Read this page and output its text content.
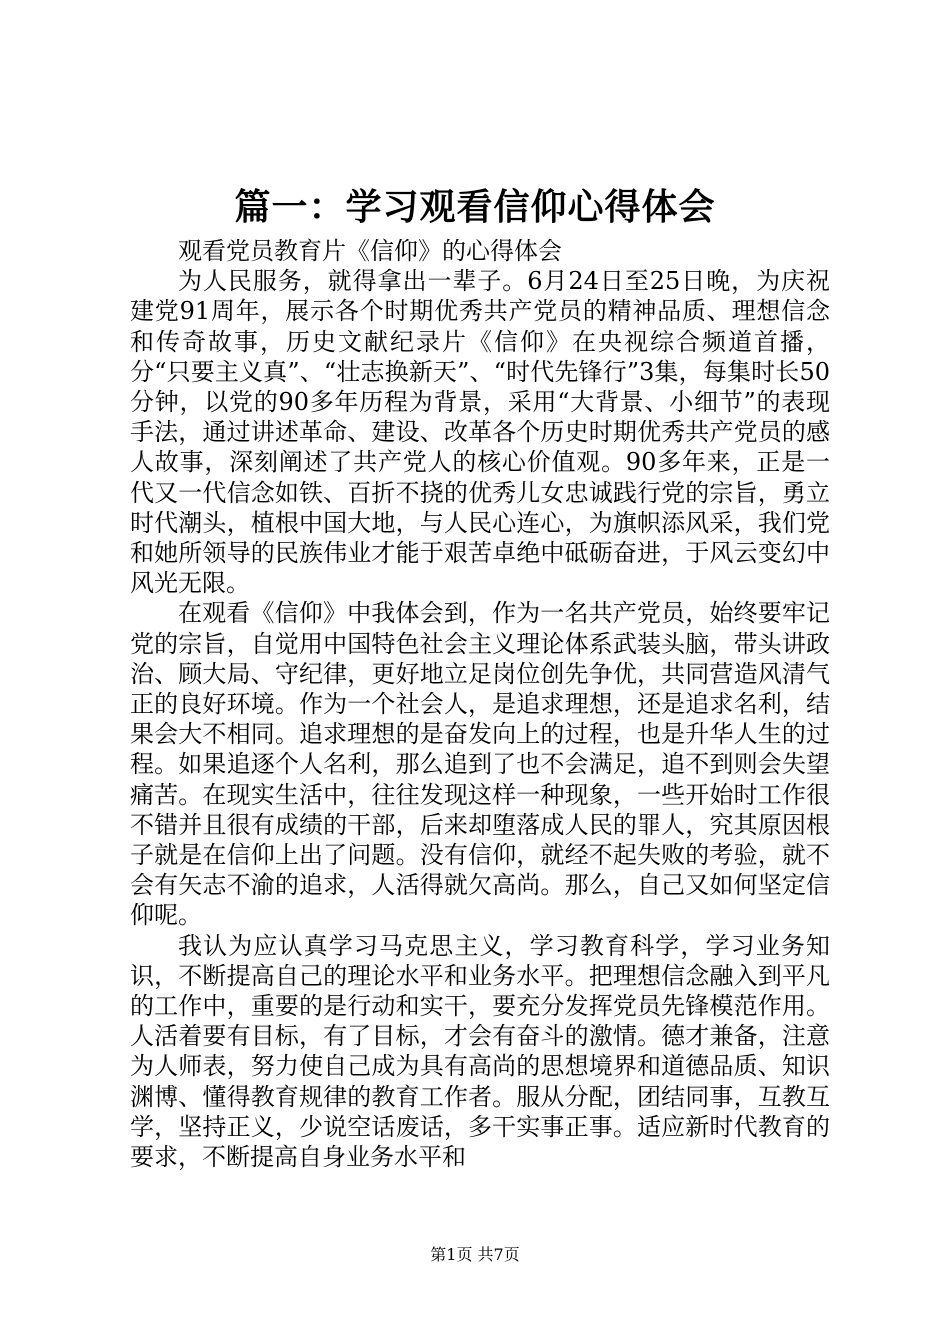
篇一：学习观看信仰心得体会

观看党员教育片《信仰》的心得体会

为人民服务，就得拿出一辈子。6月24日至25日晚，为庆祝建党91周年，展示各个时期优秀共产党员的精神品质、理想信念和传奇故事，历史文献纪录片《信仰》在央视综合频道首播，分“只要主义真”、“壮志换新天”、“时代先锋行”3集，每集时长50分钟，以党的90多年历程为背景，采用“大背景、小细节”的表现手法，通过讲述革命、建设、改革各个历史时期优秀共产党员的感人故事，深刻阐述了共产党人的核心价值观。90多年来，正是一代又一代信念如铁、百折不挠的优秀儿女忠诚践行党的宗旨，勇立时代潮头，植根中国大地，与人民心连心，为旗帜添风采，我们党和她所领导的民族伟业才能于艰苦卓绝中砥砺奋进，于风云变幻中风光无限。

在观看《信仰》中我体会到，作为一名共产党员，始终要牢记党的宗旨，自觉用中国特色社会主义理论体系武装头脑，带头讲政治、顾大局、守纪律，更好地立足岗位创先争优，共同营造风清气正的良好环境。作为一个社会人，是追求理想，还是追求名利，结果会大不相同。追求理想的是奋发向上的过程，也是升华人生的过程。如果追逐个人名利，那么追到了也不会满足，追不到则会失望痛苦。在现实生活中，往往发现这样一种现象，一些开始时工作很不错并且很有成绩的干部，后来却堕落成人民的罪人，究其原因根子就是在信仰上出了问题。没有信仰，就经不起失败的考验，就不会有矢志不渝的追求，人活得就欠高尚。那么，自己又如何坚定信仰呢。

我认为应认真学习马克思主义，学习教育科学，学习业务知识，不断提高自己的理论水平和业务水平。把理想信念融入到平凡的工作中，重要的是行动和实干，要充分发挥党员先锋模范作用。人活着要有目标，有了目标，才会有奋斗的激情。德才兼备，注意为人师表，努力使自己成为具有高尚的思想境界和道德品质、知识渊博、懂得教育规律的教育工作者。服从分配，团结同事，互教互学，坚持正义，少说空话废话，多干实事正事。适应新时代教育的要求，不断提高自身业务水平和

第1页 共7页
